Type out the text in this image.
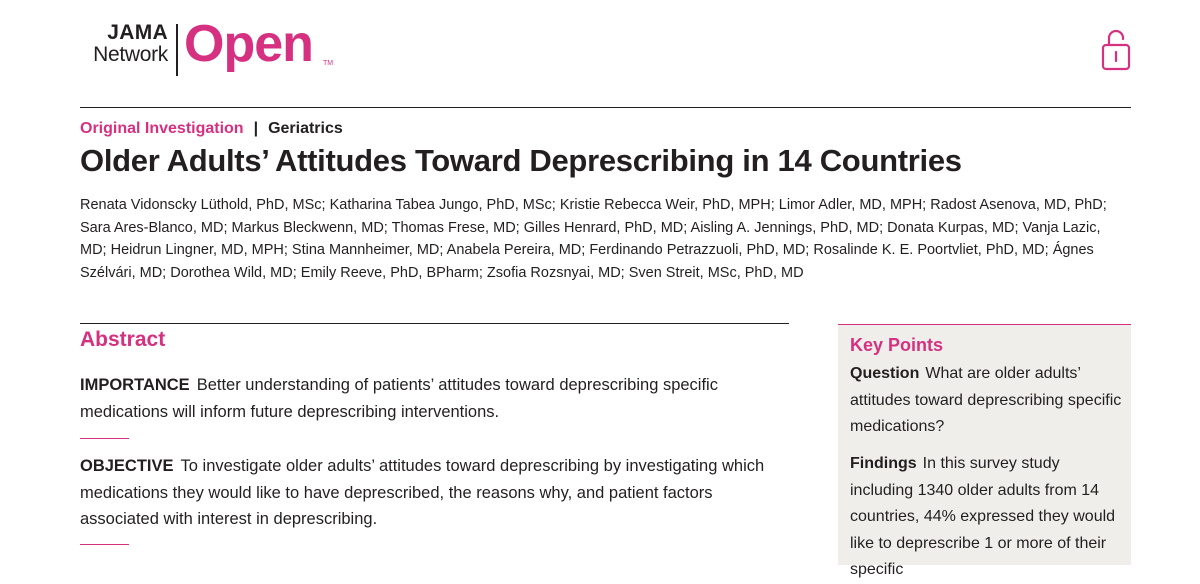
JAMA
Network Open TM
Original Investigation | Geriatrics
Older Adults’ Attitudes Toward Deprescribing in 14 Countries
Renata Vidonscky Lüthold, PhD, MSc; Katharina Tabea Jungo, PhD, MSc; Kristie Rebecca Weir, PhD, MPH; Limor Adler, MD, MPH; Radost Asenova, MD, PhD; Sara Ares-Blanco, MD; Markus Bleckwenn, MD; Thomas Frese, MD; Gilles Henrard, PhD, MD; Aisling A. Jennings, PhD, MD; Donata Kurpas, MD; Vanja Lazic, MD; Heidrun Lingner, MD, MPH; Stina Mannheimer, MD; Anabela Pereira, MD; Ferdinando Petrazzuoli, PhD, MD; Rosalinde K. E. Poortvliet, PhD, MD; Ágnes Szélvári, MD; Dorothea Wild, MD; Emily Reeve, PhD, BPharm; Zsofia Rozsnyai, MD; Sven Streit, MSc, PhD, MD
Abstract
IMPORTANCE Better understanding of patients’ attitudes toward deprescribing specific medications will inform future deprescribing interventions.
OBJECTIVE To investigate older adults’ attitudes toward deprescribing by investigating which medications they would like to have deprescribed, the reasons why, and patient factors associated with interest in deprescribing.
Key Points
Question What are older adults’ attitudes toward deprescribing specific medications?
Findings In this survey study including 1340 older adults from 14 countries, 44% expressed they would like to deprescribe 1 or more of their specific
